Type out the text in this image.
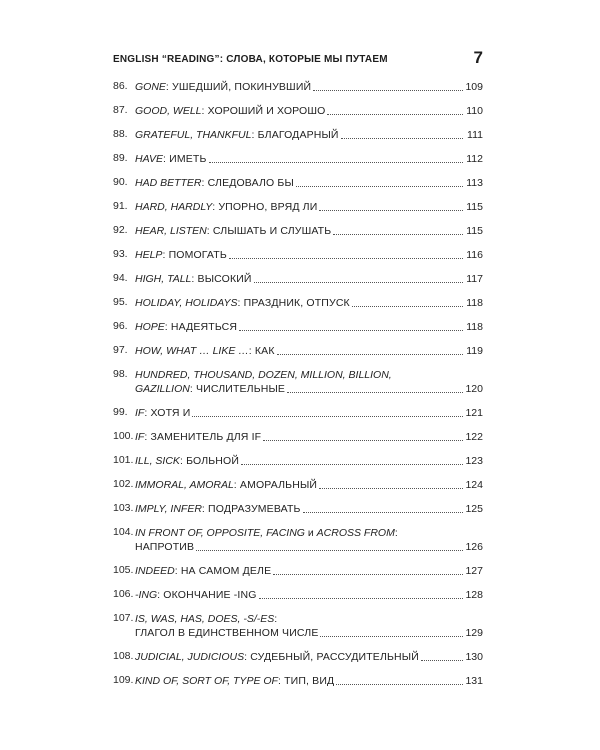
ENGLISH “READING”: СЛОВА, КОТОРЫЕ МЫ ПУТАЕМ	7
86. GONE : УШЕДШИЙ, ПОКИНУВШИЙ	109
87. GOOD, WELL : ХОРОШИЙ И ХОРОШО	110
88. GRATEFUL, THANKFUL : БЛАГОДАРНЫЙ	111
89. HAVE : ИМЕТЬ	112
90. HAD BETTER : СЛЕДОВАЛО БЫ	113
91. HARD, HARDLY : УПОРНО, ВРЯД ЛИ	115
92. HEAR, LISTEN : СЛЫШАТЬ И СЛУШАТЬ	115
93. HELP : ПОМОГАТЬ	116
94. HIGH, TALL : ВЫСОКИЙ	117
95. HOLIDAY, HOLIDAYS : ПРАЗДНИК, ОТПУСК	118
96. HOPE : НАДЕЯТЬСЯ	118
97. HOW, WHAT … LIKE … : КАК	119
98. HUNDRED, THOUSAND, DOZEN, MILLION, BILLION,
GAZILLION : ЧИСЛИТЕЛЬНЫЕ	120
99. IF : ХОТЯ И	121
100. IF : ЗАМЕНИТЕЛЬ ДЛЯ IF	122
101. ILL, SICK : БОЛЬНОЙ	123
102. IMMORAL, AMORAL : АМОРАЛЬНЫЙ	124
103. IMPLY, INFER : ПОДРАЗУМЕВАТЬ	125
104. IN FRONT OF, OPPOSITE, FACING и ACROSS FROM:
НАПРОТИВ	126
105. INDEED : НА САМОМ ДЕЛЕ	127
106. -ING : ОКОНЧАНИЕ -ING	128
107. IS, WAS, HAS, DOES, -S/-ES:
ГЛАГОЛ В ЕДИНСТВЕННОМ ЧИСЛЕ	129
108. JUDICIAL, JUDICIOUS : СУДЕБНЫЙ, РАССУДИТЕЛЬНЫЙ	130
109. KIND OF, SORT OF, TYPE OF : ТИП, ВИД	131
